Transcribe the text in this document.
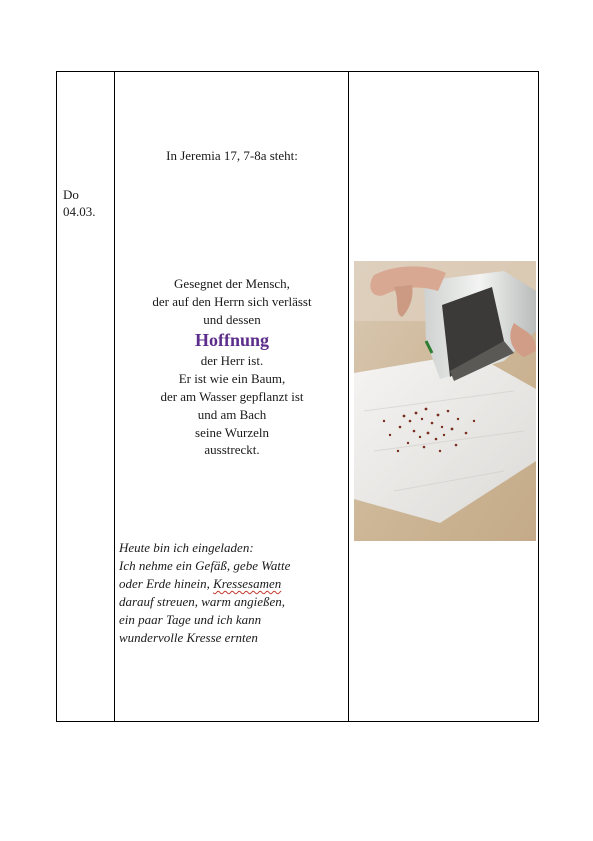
Do
04.03.
In Jeremia 17, 7-8a steht:
Gesegnet der Mensch,
der auf den Herrn sich verlässt
und dessen
Hoffnung
der Herr ist.
Er ist wie ein Baum,
der am Wasser gepflanzt ist
und am Bach
seine Wurzeln
ausstreckt.
Heute bin ich eingeladen:
Ich nehme ein Gefäß, gebe Watte
oder Erde hinein, Kressesamen
darauf streuen, warm angießen,
ein paar Tage und ich kann
wundervolle Kresse ernten
